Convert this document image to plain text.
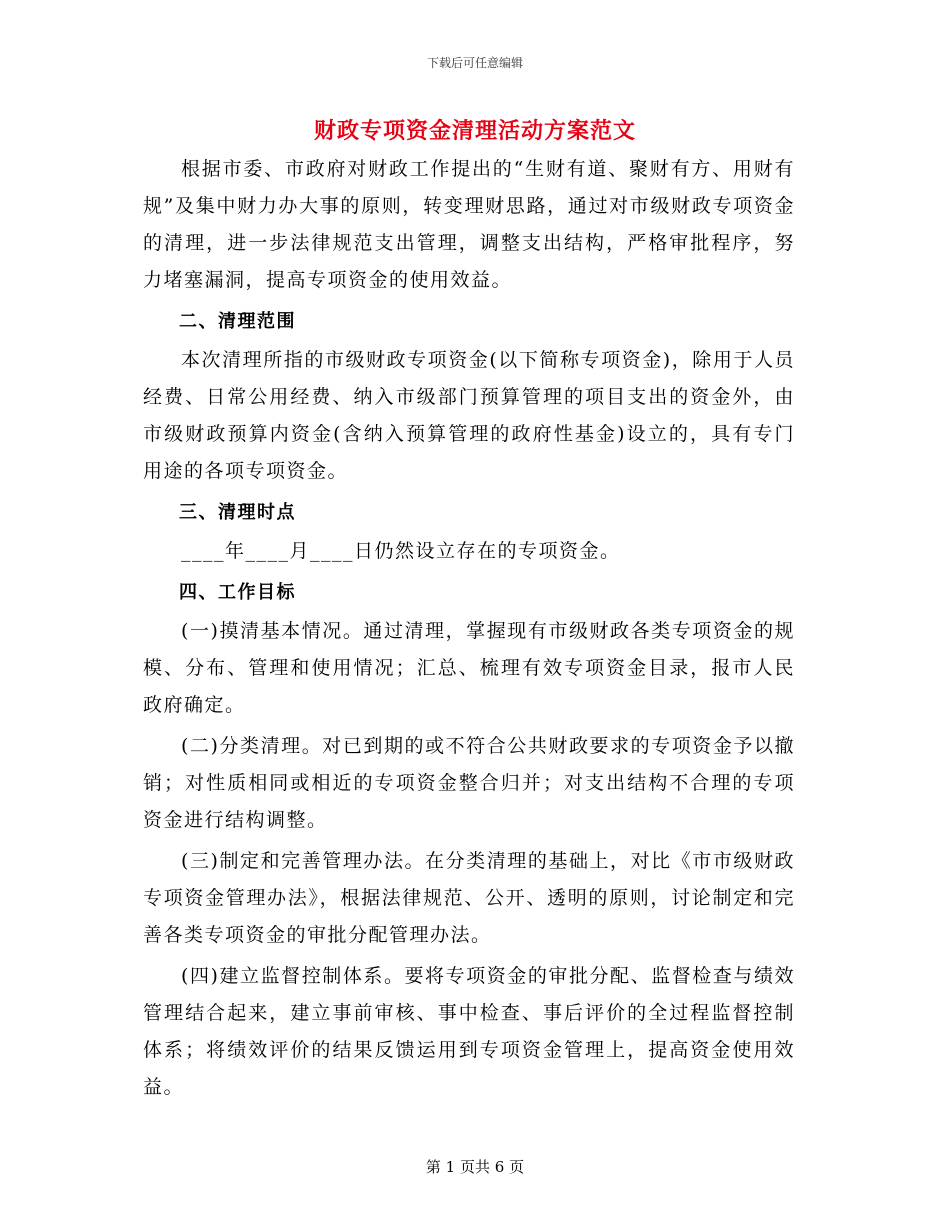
下载后可任意编辑
财政专项资金清理活动方案范文

根据市委、市政府对财政工作提出的“生财有道、聚财有方、用财有规”及集中财力办大事的原则，转变理财思路，通过对市级财政专项资金的清理，进一步法律规范支出管理，调整支出结构，严格审批程序，努力堵塞漏洞，提高专项资金的使用效益。

二、清理范围

本次清理所指的市级财政专项资金(以下简称专项资金)，除用于人员经费、日常公用经费、纳入市级部门预算管理的项目支出的资金外，由市级财政预算内资金(含纳入预算管理的政府性基金)设立的，具有专门用途的各项专项资金。

三、清理时点

____年____月____日仍然设立存在的专项资金。

四、工作目标

(一)摸清基本情况。通过清理，掌握现有市级财政各类专项资金的规模、分布、管理和使用情况；汇总、梳理有效专项资金目录，报市人民政府确定。

(二)分类清理。对已到期的或不符合公共财政要求的专项资金予以撤销；对性质相同或相近的专项资金整合归并；对支出结构不合理的专项资金进行结构调整。

(三)制定和完善管理办法。在分类清理的基础上，对比《市市级财政专项资金管理办法》，根据法律规范、公开、透明的原则，讨论制定和完善各类专项资金的审批分配管理办法。

(四)建立监督控制体系。要将专项资金的审批分配、监督检查与绩效管理结合起来，建立事前审核、事中检查、事后评价的全过程监督控制体系；将绩效评价的结果反馈运用到专项资金管理上，提高资金使用效益。

第 1 页共 6 页
